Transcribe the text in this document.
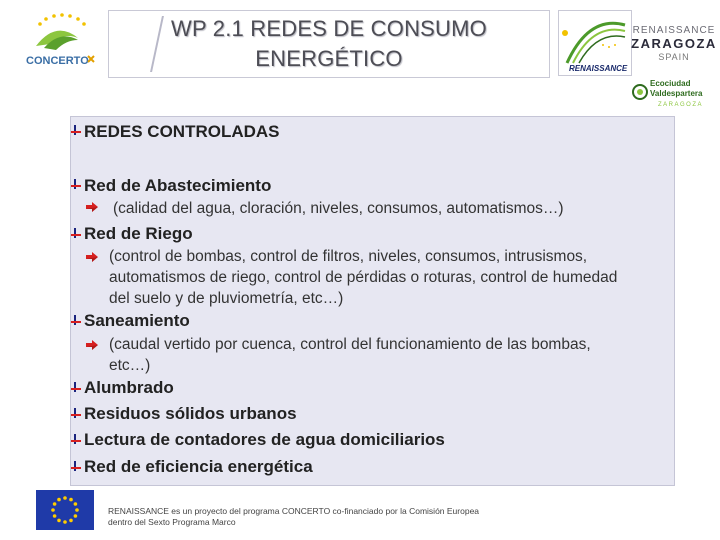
CONCERTO
WP 2.1 REDES DE CONSUMO
ENERGÉTICO	RENAISSANCE
RENAISSANCE
ZARAGOZA
SPAIN
Ecociudad
Valdespartera
ZARAGOZA
REDES CONTROLADAS
Red de Abastecimiento
(calidad del agua, cloración, niveles, consumos, automatismos…)
Red de Riego
(control de bombas, control de filtros, niveles, consumos, intrusismos, automatismos de riego, control de pérdidas o roturas, control de humedad del suelo y de pluviometría, etc…)
Saneamiento
(caudal vertido por cuenca, control del funcionamiento de las bombas, etc…)
Alumbrado
Residuos sólidos urbanos
Lectura de contadores de agua domiciliarios
Red de eficiencia energética
RENAISSANCE es un proyecto del programa CONCERTO co-financiado por la Comisión Europea
dentro del Sexto Programa Marco
